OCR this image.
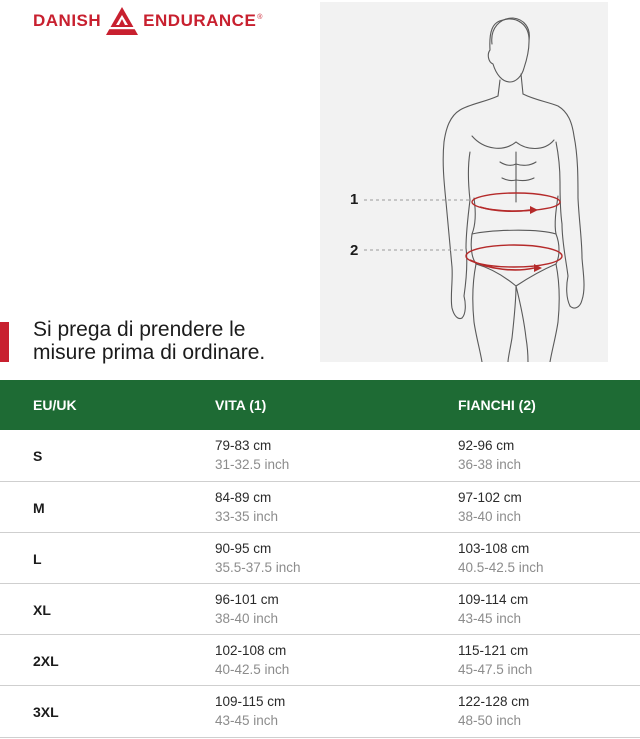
DANISH ENDURANCE ®
1
2
Si prega di prendere le
misure prima di ordinare.
EU/UK	VITA (1)	FIANCHI (2)
S
79-83 cm
31-32.5 inch
92-96 cm
36-38 inch
M
84-89 cm
33-35 inch
97-102 cm
38-40 inch
L
90-95 cm
35.5-37.5 inch
103-108 cm
40.5-42.5 inch
XL
96-101 cm
38-40 inch
109-114 cm
43-45 inch
2XL
102-108 cm
40-42.5 inch
115-121 cm
45-47.5 inch
3XL
109-115 cm
43-45 inch
122-128 cm
48-50 inch
